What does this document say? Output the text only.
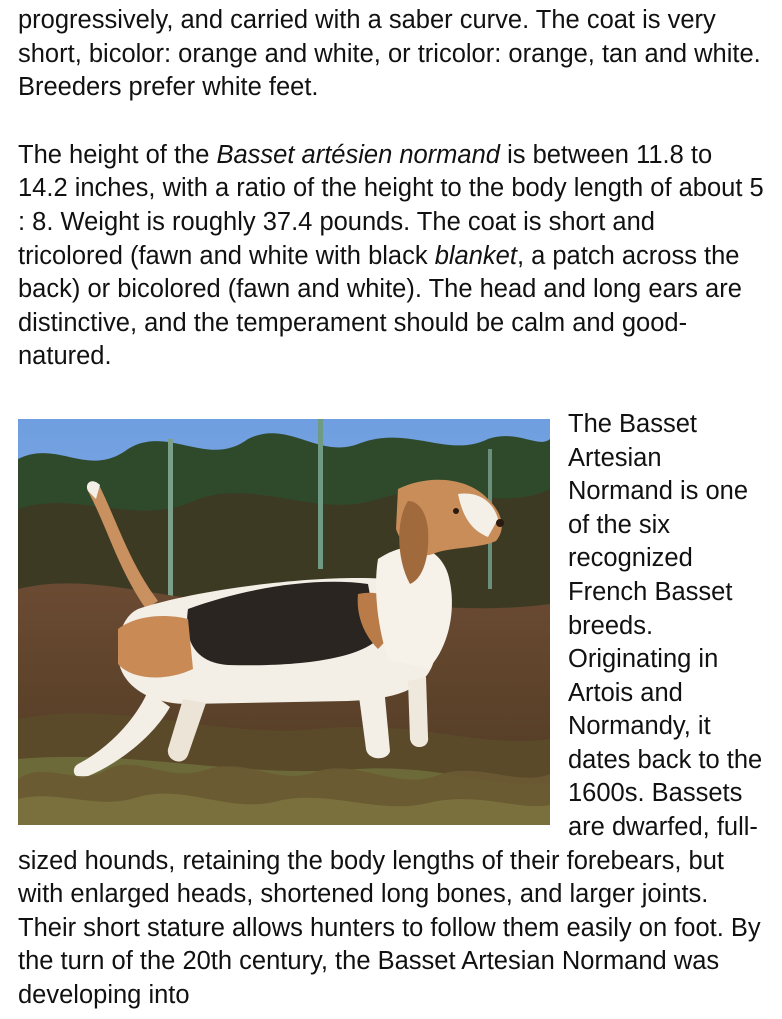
progressively, and carried with a saber curve. The coat is very short, bicolor: orange and white, or tricolor: orange, tan and white. Breeders prefer white feet.

The height of the Basset artésien normand is between 11.8 to 14.2 inches, with a ratio of the height to the body length of about 5 : 8. Weight is roughly 37.4 pounds. The coat is short and tricolored (fawn and white with black blanket, a patch across the back) or bicolored (fawn and white). The head and long ears are distinctive, and the temperament should be calm and good-natured.

The Basset Artesian Normand is one of the six recognized French Basset breeds. Originating in Artois and Normandy, it dates back to the 1600s. Bassets are dwarfed, full-sized hounds, retaining the body lengths of their forebears, but with enlarged heads, shortened long bones, and larger joints. Their short stature allows hunters to follow them easily on foot. By the turn of the 20th century, the Basset Artesian Normand was developing into
